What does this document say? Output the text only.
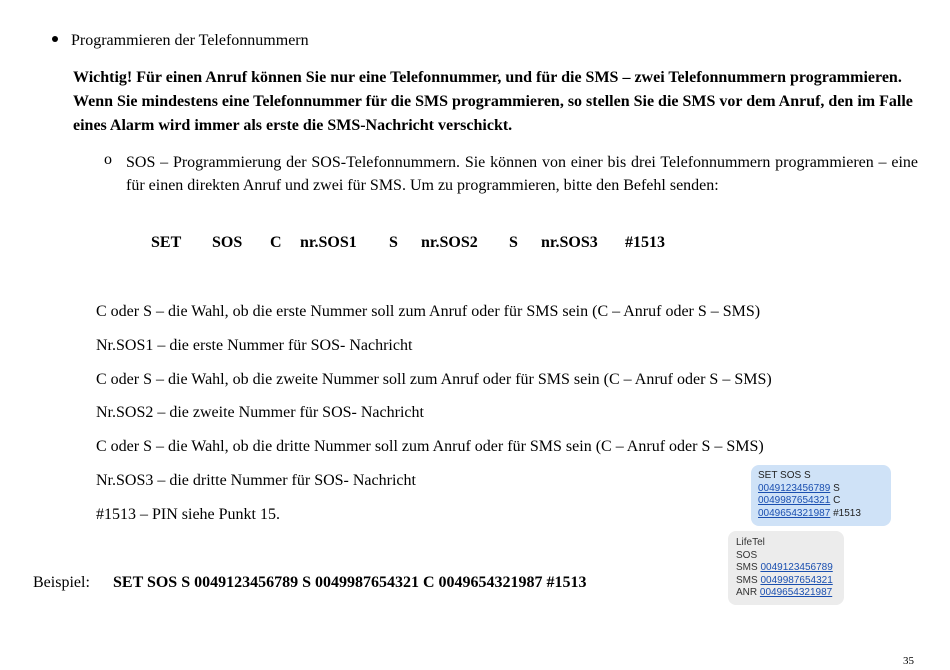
Programmieren der Telefonnummern
Wichtig! Für einen Anruf können Sie nur eine Telefonnummer, und für die SMS – zwei Telefonnummern programmieren. Wenn Sie mindestens eine Telefonnummer für die SMS programmieren, so stellen Sie die SMS vor dem Anruf, den im Falle eines Alarm wird immer als erste die SMS-Nachricht verschickt.
o SOS – Programmierung der SOS-Telefonnummern. Sie können von einer bis drei Telefonnummern programmieren – eine für einen direkten Anruf und zwei für SMS. Um zu programmieren, bitte den Befehl senden:
SET SOS C nr.SOS1 S nr.SOS2 S nr.SOS3 #1513
C oder S – die Wahl, ob die erste Nummer soll zum Anruf oder für SMS sein (C – Anruf oder S – SMS)
Nr.SOS1 – die erste Nummer für SOS- Nachricht
C oder S – die Wahl, ob die zweite Nummer soll zum Anruf oder für SMS sein (C – Anruf oder S – SMS)
Nr.SOS2 – die zweite Nummer für SOS- Nachricht
C oder S – die Wahl, ob die dritte Nummer soll zum Anruf oder für SMS sein (C – Anruf oder S – SMS)
Nr.SOS3 – die dritte Nummer für SOS- Nachricht
#1513 – PIN siehe Punkt 15.
Beispiel: SET SOS S 0049123456789 S 0049987654321 C 0049654321987 #1513
SET SOS S
0049123456789 S
0049987654321 C
0049654321987 #1513
LifeTel
SOS
SMS 0049123456789
SMS 0049987654321
ANR 0049654321987
35
